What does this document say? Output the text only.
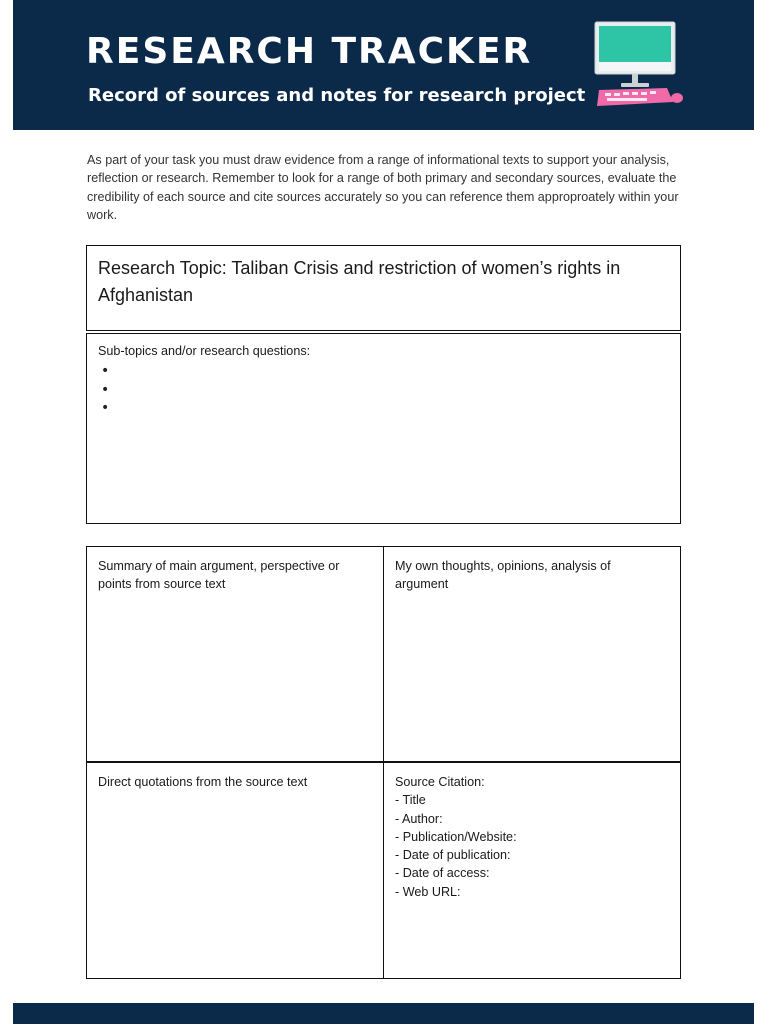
RESEARCH TRACKER
Record of sources and notes for research project

As part of your task you must draw evidence from a range of informational texts to support your analysis, reflection or research. Remember to look for a range of both primary and secondary sources, evaluate the credibility of each source and cite sources accurately so you can reference them approproately within your work.

Research Topic: Taliban Crisis and restriction of women’s rights in Afghanistan
Sub-topics and/or research questions:
•
•
•
Summary of main argument, perspective or points from source text
My own thoughts, opinions, analysis of argument
Direct quotations from the source text	Source Citation:
- Title
- Author:
- Publication/Website:
- Date of publication:
- Date of access:
- Web URL:
